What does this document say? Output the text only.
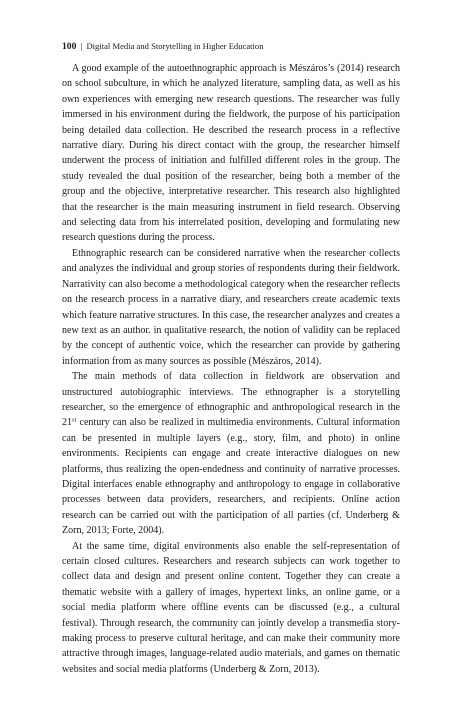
100 | Digital Media and Storytelling in Higher Education

A good example of the autoethnographic approach is Mészáros’s (2014) research on school subculture, in which he analyzed literature, sampling data, as well as his own experiences with emerging new research questions. The researcher was fully immersed in his environment during the fieldwork, the purpose of his participation being detailed data collection. He described the research process in a reflective narrative diary. During his direct contact with the group, the researcher himself underwent the process of initiation and fulfilled different roles in the group. The study revealed the dual position of the researcher, being both a member of the group and the objective, interpretative researcher. This research also highlighted that the researcher is the main measuring instrument in field research. Observing and selecting data from his interrelated position, developing and formulating new research questions during the process.

Ethnographic research can be considered narrative when the researcher collects and analyzes the individual and group stories of respondents during their fieldwork. Narrativity can also become a methodological category when the researcher reflects on the research process in a narrative diary, and researchers create academic texts which feature narrative structures. In this case, the researcher analyzes and creates a new text as an author. in qualitative research, the notion of validity can be replaced by the concept of authentic voice, which the researcher can provide by gathering information from as many sources as possible (Mészáros, 2014).

The main methods of data collection in fieldwork are observation and unstructured autobiographic interviews. The ethnographer is a storytelling researcher, so the emergence of ethnographic and anthropological research in the 21st century can also be realized in multimedia environments. Cultural information can be presented in multiple layers (e.g., story, film, and photo) in online environments. Recipients can engage and create interactive dialogues on new platforms, thus realizing the open-endedness and continuity of narrative processes. Digital interfaces enable ethnography and anthropology to engage in collaborative processes between data providers, researchers, and recipients. Online action research can be carried out with the participation of all parties (cf. Underberg & Zorn, 2013; Forte, 2004).

At the same time, digital environments also enable the self-representation of certain closed cultures. Researchers and research subjects can work together to collect data and design and present online content. Together they can create a thematic website with a gallery of images, hypertext links, an online game, or a social media platform where offline events can be discussed (e.g., a cultural festival). Through research, the community can jointly develop a transmedia story-making process to preserve cultural heritage, and can make their community more attractive through images, language-related audio materials, and games on thematic websites and social media platforms (Underberg & Zorn, 2013).
